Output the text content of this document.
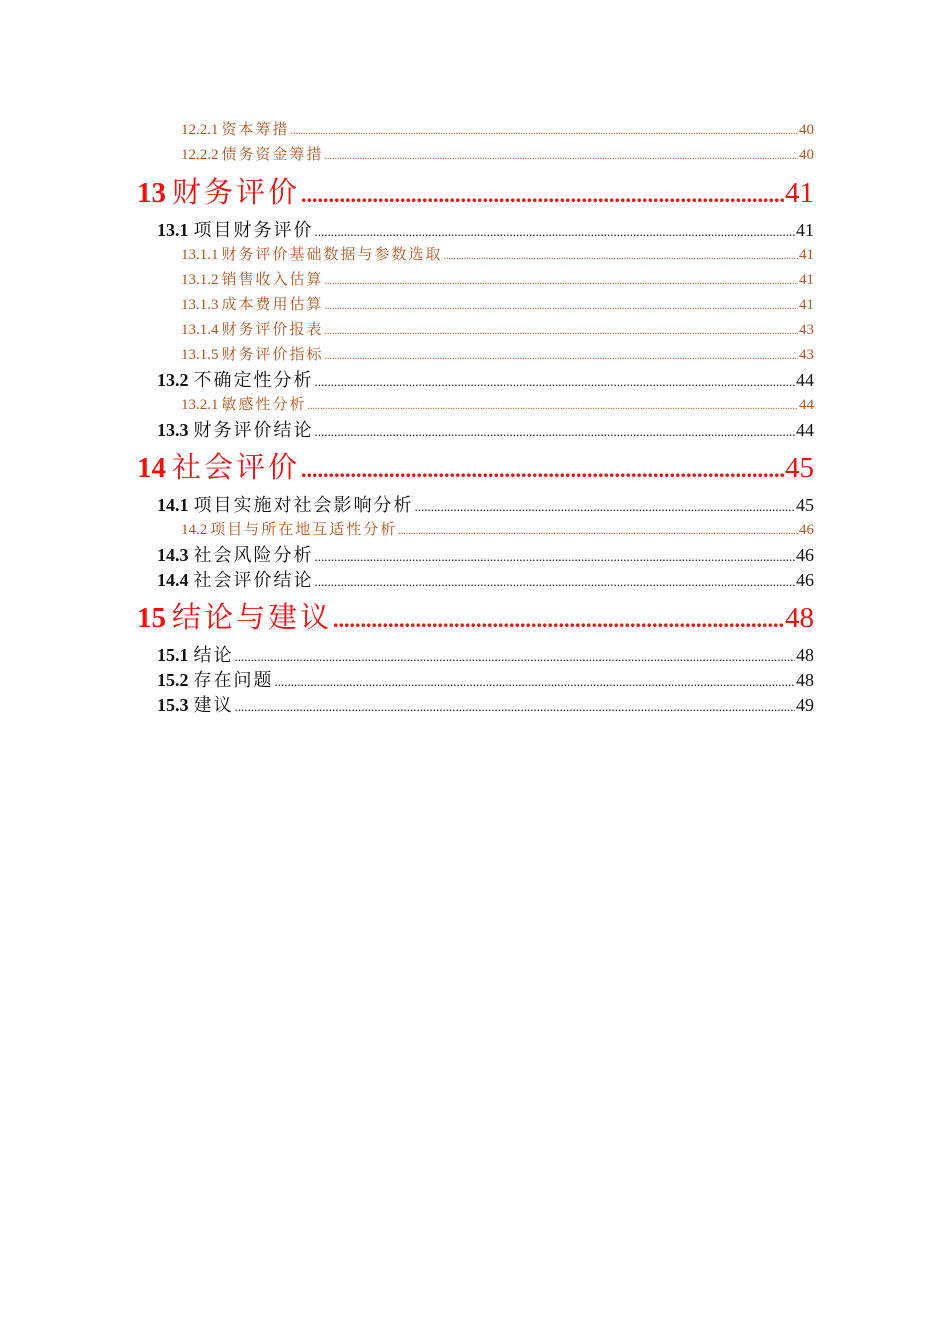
12.2.1 资本筹措 .....	40
12.2.2 债务资金筹措 .....	40
13 财务评价 .....	41
13.1 项目财务评价 .....	41
13.1.1 财务评价基础数据与参数选取 .....	41
13.1.2 销售收入估算 .....	41
13.1.3 成本费用估算 .....	41
13.1.4 财务评价报表 .....	43
13.1.5 财务评价指标 .....	43
13.2 不确定性分析 .....	44
13.2.1 敏感性分析 .....	44
13.3 财务评价结论 .....	44
14 社会评价 .....	45
14.1 项目实施对社会影响分析 .....	45
14.2 项目与所在地互适性分析 .....	46
14.3 社会风险分析 .....	46
14.4 社会评价结论 .....	46
15 结论与建议 .....	48
15.1 结论 .....	48
15.2 存在问题 .....	48
15.3 建议 .....	49
